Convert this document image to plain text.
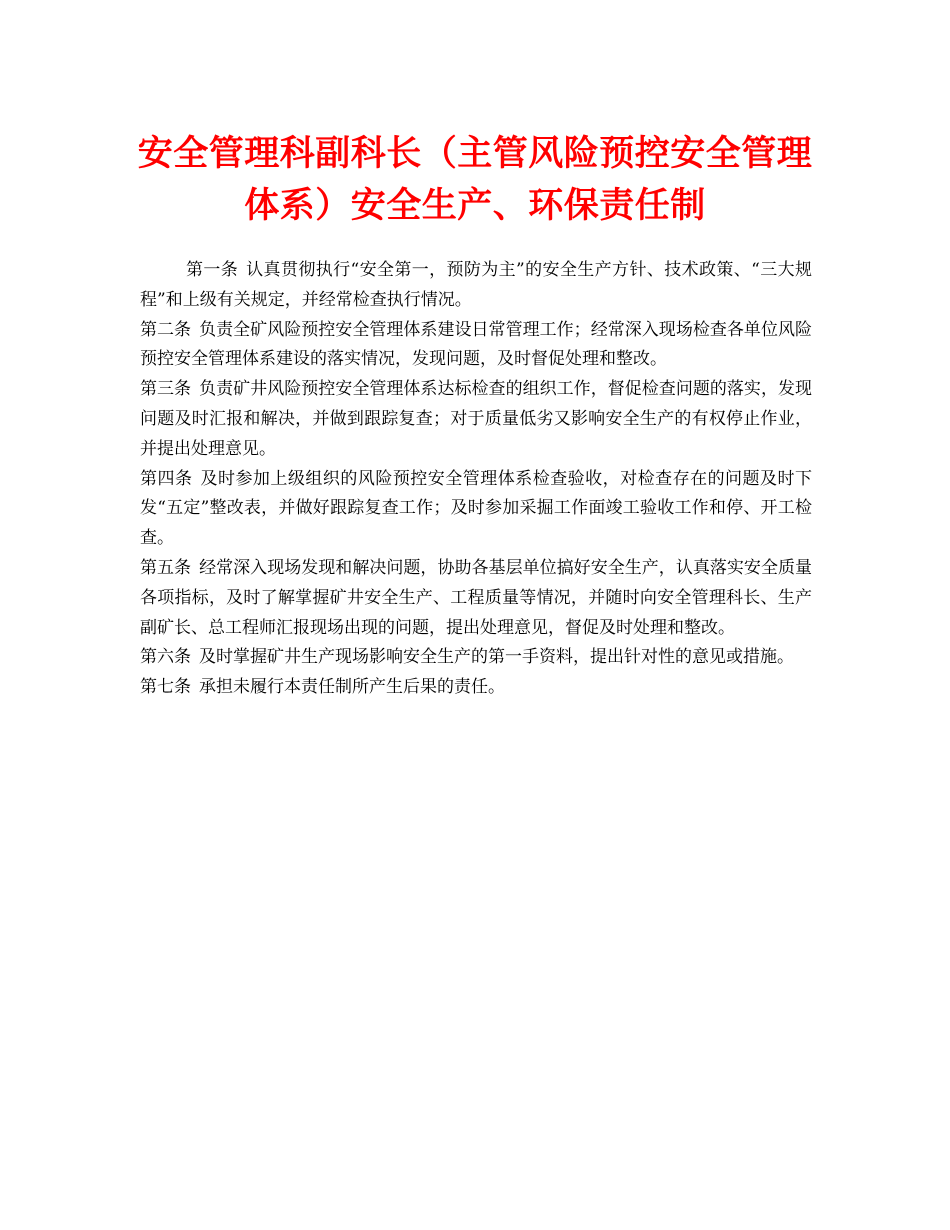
安全管理科副科长（主管风险预控安全管理
体系）安全生产、环保责任制

第一条 认真贯彻执行“安全第一，预防为主”的安全生产方针、技术政策、“三大规程”和上级有关规定，并经常检查执行情况。

第二条 负责全矿风险预控安全管理体系建设日常管理工作；经常深入现场检查各单位风险预控安全管理体系建设的落实情况，发现问题，及时督促处理和整改。

第三条 负责矿井风险预控安全管理体系达标检查的组织工作，督促检查问题的落实，发现问题及时汇报和解决，并做到跟踪复查；对于质量低劣又影响安全生产的有权停止作业，并提出处理意见。

第四条 及时参加上级组织的风险预控安全管理体系检查验收，对检查存在的问题及时下发“五定”整改表，并做好跟踪复查工作；及时参加采掘工作面竣工验收工作和停、开工检查。

第五条 经常深入现场发现和解决问题，协助各基层单位搞好安全生产，认真落实安全质量各项指标，及时了解掌握矿井安全生产、工程质量等情况，并随时向安全管理科长、生产副矿长、总工程师汇报现场出现的问题，提出处理意见，督促及时处理和整改。

第六条 及时掌握矿井生产现场影响安全生产的第一手资料，提出针对性的意见或措施。

第七条 承担未履行本责任制所产生后果的责任。
